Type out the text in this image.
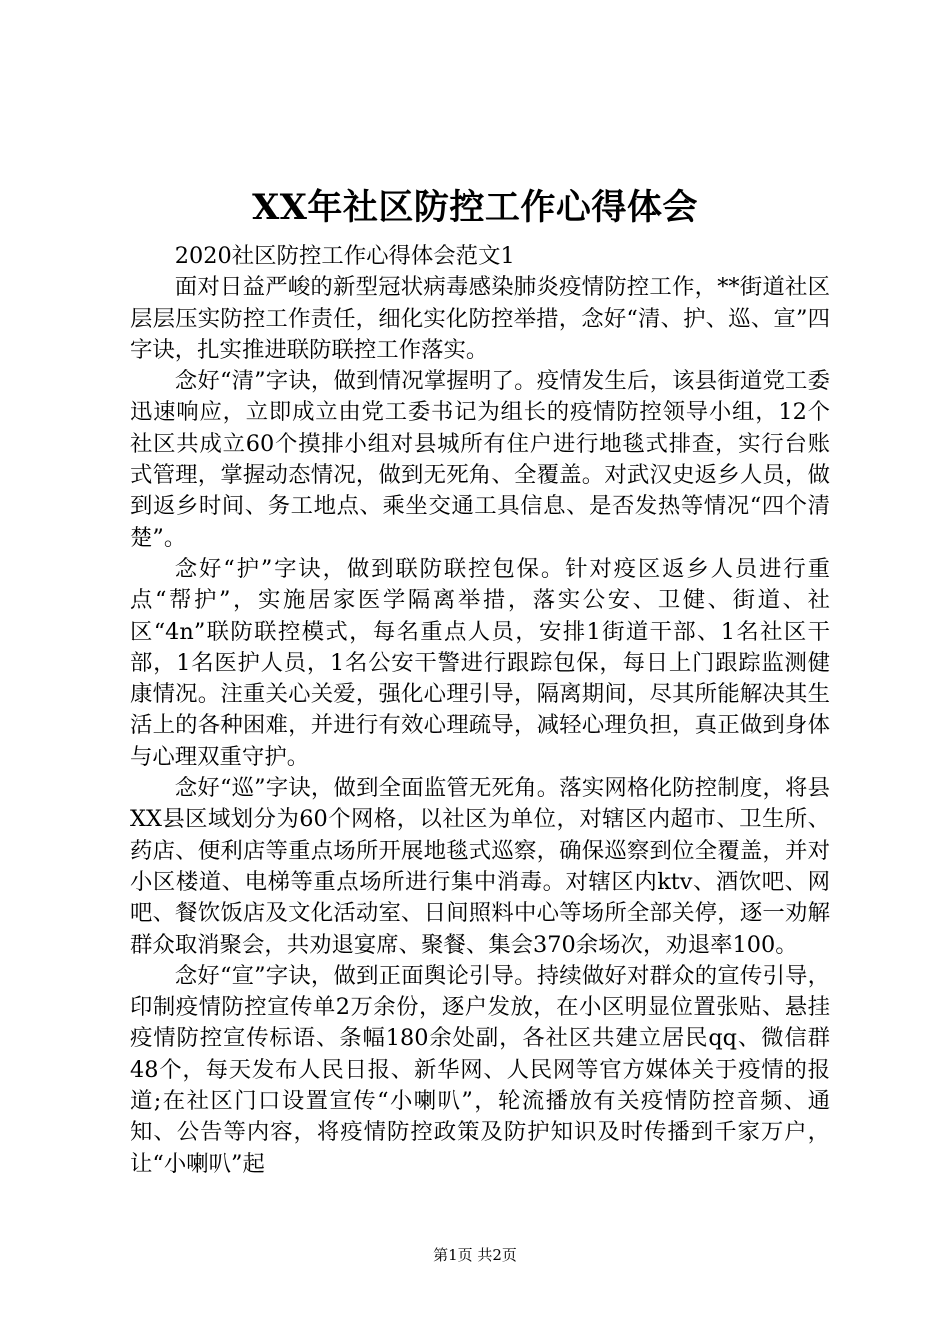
XX年社区防控工作心得体会

2020社区防控工作心得体会范文1

面对日益严峻的新型冠状病毒感染肺炎疫情防控工作，**街道社区层层压实防控工作责任，细化实化防控举措，念好“清、护、巡、宣”四字诀，扎实推进联防联控工作落实。

念好“清”字诀，做到情况掌握明了。疫情发生后，该县街道党工委迅速响应，立即成立由党工委书记为组长的疫情防控领导小组，12个社区共成立60个摸排小组对县城所有住户进行地毯式排查，实行台账式管理，掌握动态情况，做到无死角、全覆盖。对武汉史返乡人员，做到返乡时间、务工地点、乘坐交通工具信息、是否发热等情况“四个清楚”。

念好“护”字诀，做到联防联控包保。针对疫区返乡人员进行重点“帮护”，实施居家医学隔离举措，落实公安、卫健、街道、社区“4n”联防联控模式，每名重点人员，安排1街道干部、1名社区干部，1名医护人员，1名公安干警进行跟踪包保，每日上门跟踪监测健康情况。注重关心关爱，强化心理引导，隔离期间，尽其所能解决其生活上的各种困难，并进行有效心理疏导，减轻心理负担，真正做到身体与心理双重守护。

念好“巡”字诀，做到全面监管无死角。落实网格化防控制度，将县XX县区域划分为60个网格，以社区为单位，对辖区内超市、卫生所、药店、便利店等重点场所开展地毯式巡察，确保巡察到位全覆盖，并对小区楼道、电梯等重点场所进行集中消毒。对辖区内ktv、酒饮吧、网吧、餐饮饭店及文化活动室、日间照料中心等场所全部关停，逐一劝解群众取消聚会，共劝退宴席、聚餐、集会370余场次，劝退率100。

念好“宣”字诀，做到正面舆论引导。持续做好对群众的宣传引导，印制疫情防控宣传单2万余份，逐户发放，在小区明显位置张贴、悬挂疫情防控宣传标语、条幅180余处副，各社区共建立居民qq、微信群48个，每天发布人民日报、新华网、人民网等官方媒体关于疫情的报道;在社区门口设置宣传“小喇叭”，轮流播放有关疫情防控音频、通知、公告等内容，将疫情防控政策及防护知识及时传播到千家万户，让“小喇叭”起

第1页 共2页
